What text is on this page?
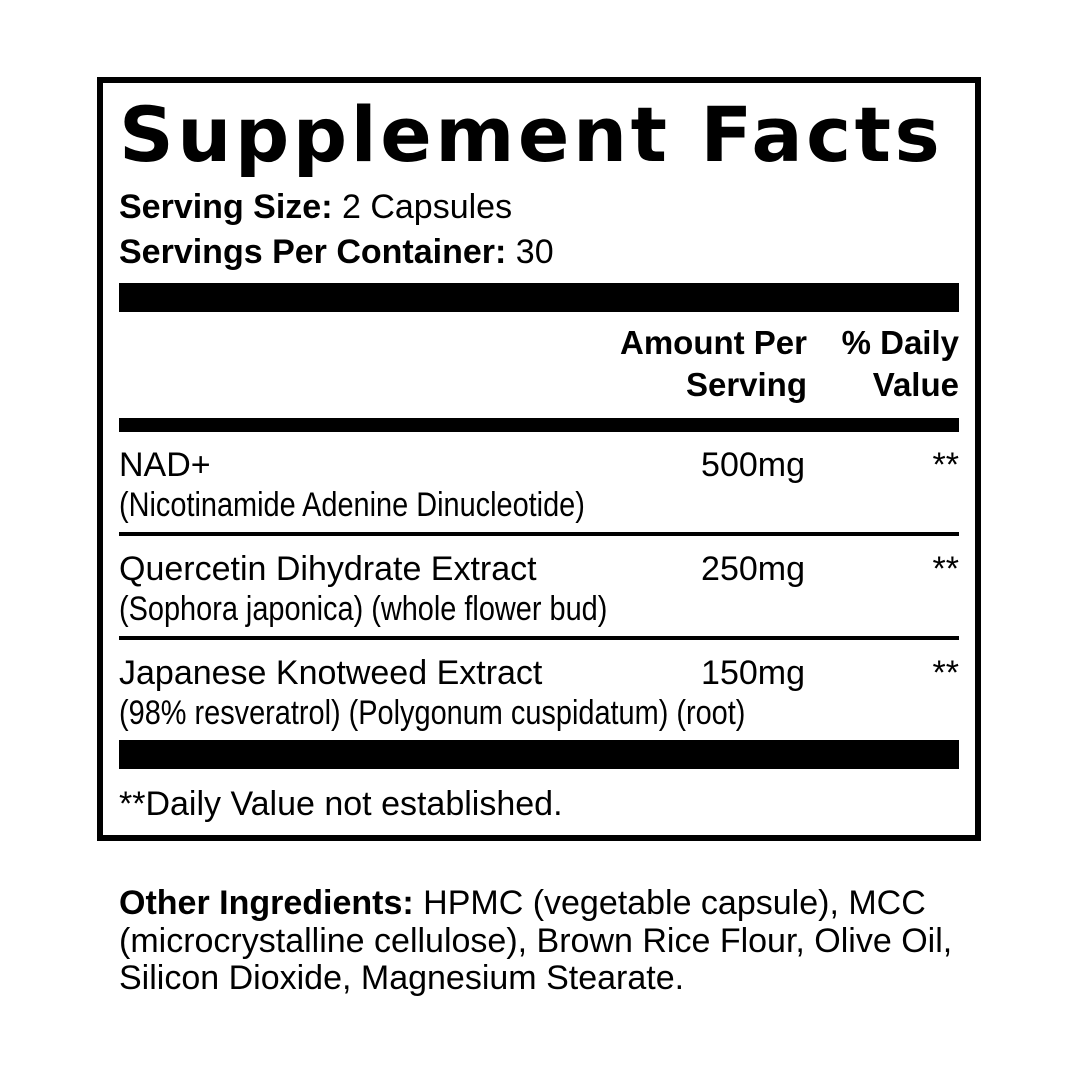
Supplement Facts
Serving Size: 2 Capsules
Servings Per Container: 30
Amount Per
Serving
% Daily
Value
NAD+	500mg	**
(Nicotinamide Adenine Dinucleotide)
Quercetin Dihydrate Extract	250mg	**
(Sophora japonica) (whole flower bud)
Japanese Knotweed Extract	150mg	**
(98% resveratrol) (Polygonum cuspidatum) (root)
**Daily Value not established.

Other Ingredients: HPMC (vegetable capsule), MCC (microcrystalline cellulose), Brown Rice Flour, Olive Oil, Silicon Dioxide, Magnesium Stearate.
